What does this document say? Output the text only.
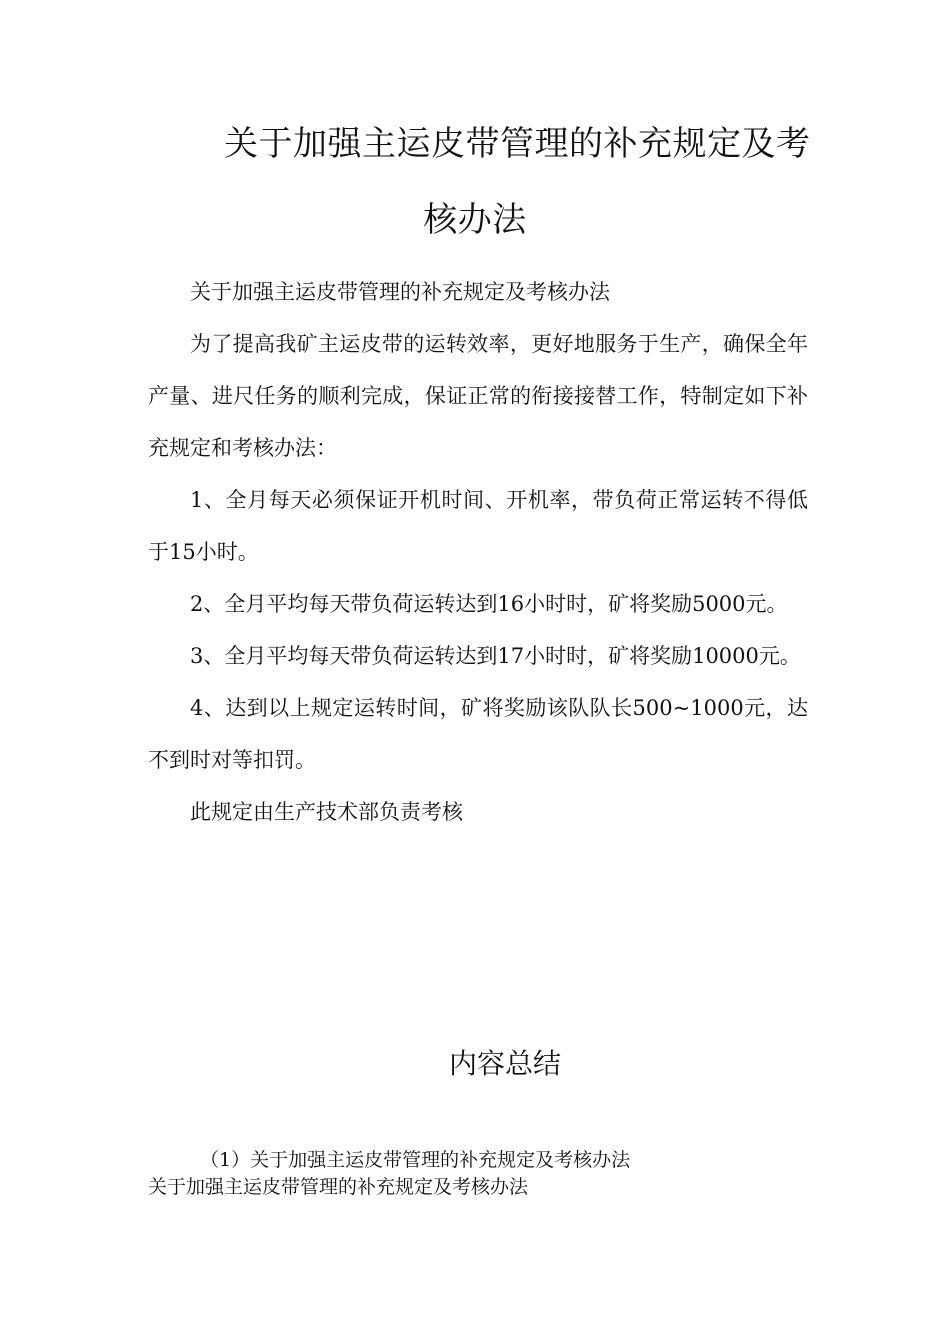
关于加强主运皮带管理的补充规定及考
核办法

关于加强主运皮带管理的补充规定及考核办法

为了提高我矿主运皮带的运转效率，更好地服务于生产，确保全年产量、进尺任务的顺利完成，保证正常的衔接接替工作，特制定如下补充规定和考核办法：

1、全月每天必须保证开机时间、开机率，带负荷正常运转不得低于15小时。

2、全月平均每天带负荷运转达到16小时时，矿将奖励5000元。

3、全月平均每天带负荷运转达到17小时时，矿将奖励10000元。

4、达到以上规定运转时间，矿将奖励该队队长500~1000元，达不到时对等扣罚。

此规定由生产技术部负责考核

内容总结
（1）关于加强主运皮带管理的补充规定及考核办法
关于加强主运皮带管理的补充规定及考核办法
